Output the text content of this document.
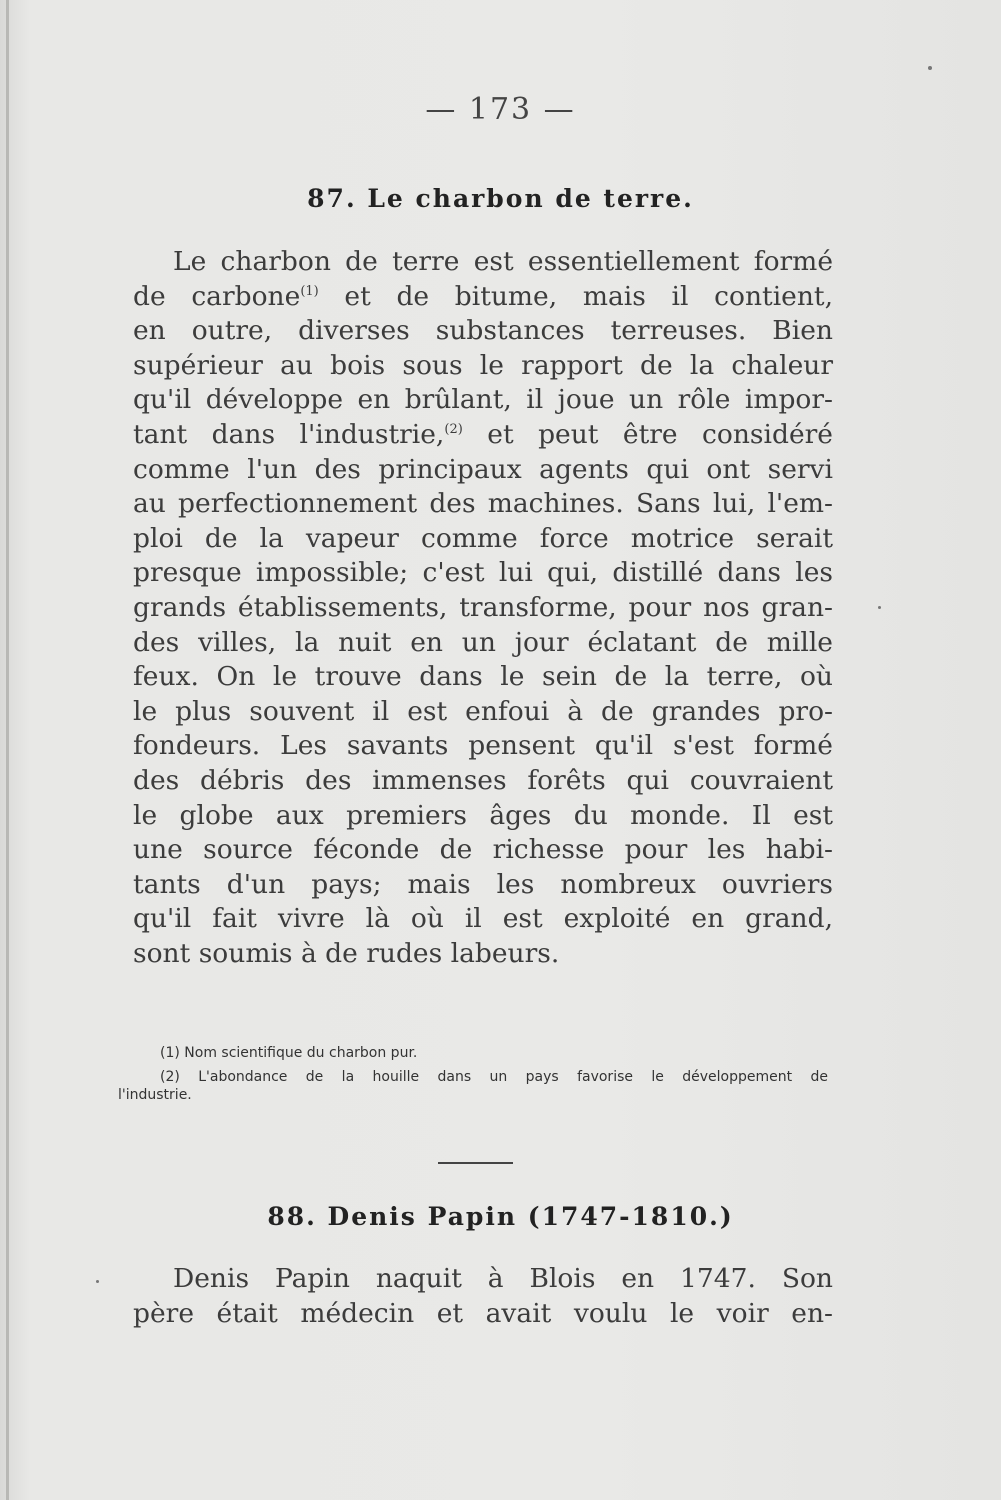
— 173 —
87. Le charbon de terre.
Le charbon de terre est essentiellement formé
de carbone$^{(1)}$ et de bitume, mais il contient,
en outre, diverses substances terreuses. Bien
supérieur au bois sous le rapport de la chaleur
qu'il développe en brûlant, il joue un rôle impor-
tant dans l'industrie,$^{(2)}$ et peut être considéré
comme l'un des principaux agents qui ont servi
au perfectionnement des machines. Sans lui, l'em-
ploi de la vapeur comme force motrice serait
presque impossible; c'est lui qui, distillé dans les
grands établissements, transforme, pour nos gran-
des villes, la nuit en un jour éclatant de mille
feux. On le trouve dans le sein de la terre, où
le plus souvent il est enfoui à de grandes pro-
fondeurs. Les savants pensent qu'il s'est formé
des débris des immenses forêts qui couvraient
le globe aux premiers âges du monde. Il est
une source féconde de richesse pour les habi-
tants d'un pays; mais les nombreux ouvriers
qu'il fait vivre là où il est exploité en grand,
sont soumis à de rudes labeurs.
(1) Nom scientifique du charbon pur.
(2) L'abondance de la houille dans un pays favorise le développement de
l'industrie.
88. Denis Papin (1747-1810.)
Denis Papin naquit à Blois en 1747. Son
père était médecin et avait voulu le voir en-
